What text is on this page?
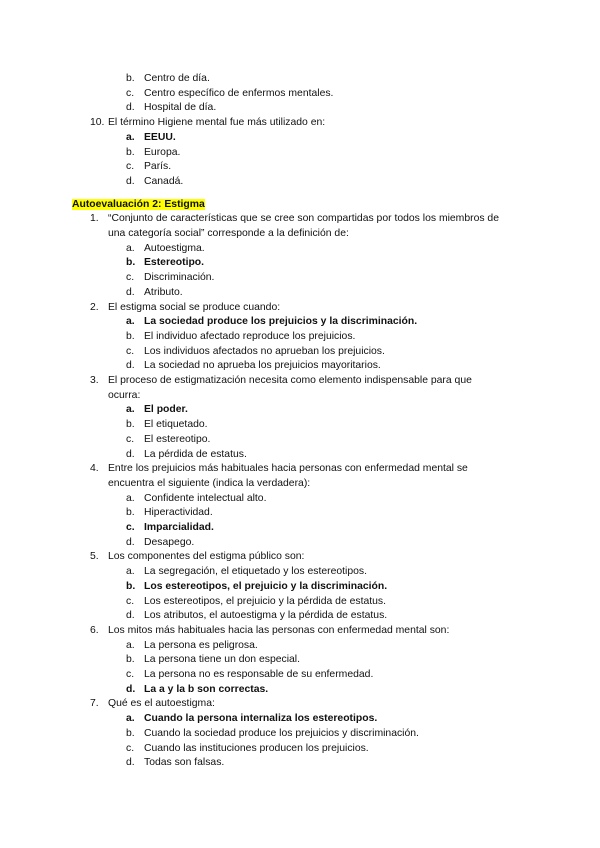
b. Centro de día.
c. Centro específico de enfermos mentales.
d. Hospital de día.
10. El término Higiene mental fue más utilizado en:
a. EEUU.
b. Europa.
c. París.
d. Canadá.
Autoevaluación 2: Estigma
1. “Conjunto de características que se cree son compartidas por todos los miembros de
una categoría social” corresponde a la definición de:
a. Autoestigma.
b. Estereotipo.
c. Discriminación.
d. Atributo.
2. El estigma social se produce cuando:
a. La sociedad produce los prejuicios y la discriminación.
b. El individuo afectado reproduce los prejuicios.
c. Los individuos afectados no aprueban los prejuicios.
d. La sociedad no aprueba los prejuicios mayoritarios.
3. El proceso de estigmatización necesita como elemento indispensable para que
ocurra:
a. El poder.
b. El etiquetado.
c. El estereotipo.
d. La pérdida de estatus.
4. Entre los prejuicios más habituales hacia personas con enfermedad mental se
encuentra el siguiente (indica la verdadera):
a. Confidente intelectual alto.
b. Hiperactividad.
c. Imparcialidad.
d. Desapego.
5. Los componentes del estigma público son:
a. La segregación, el etiquetado y los estereotipos.
b. Los estereotipos, el prejuicio y la discriminación.
c. Los estereotipos, el prejuicio y la pérdida de estatus.
d. Los atributos, el autoestigma y la pérdida de estatus.
6. Los mitos más habituales hacia las personas con enfermedad mental son:
a. La persona es peligrosa.
b. La persona tiene un don especial.
c. La persona no es responsable de su enfermedad.
d. La a y la b son correctas.
7. Qué es el autoestigma:
a. Cuando la persona internaliza los estereotipos.
b. Cuando la sociedad produce los prejuicios y discriminación.
c. Cuando las instituciones producen los prejuicios.
d. Todas son falsas.
